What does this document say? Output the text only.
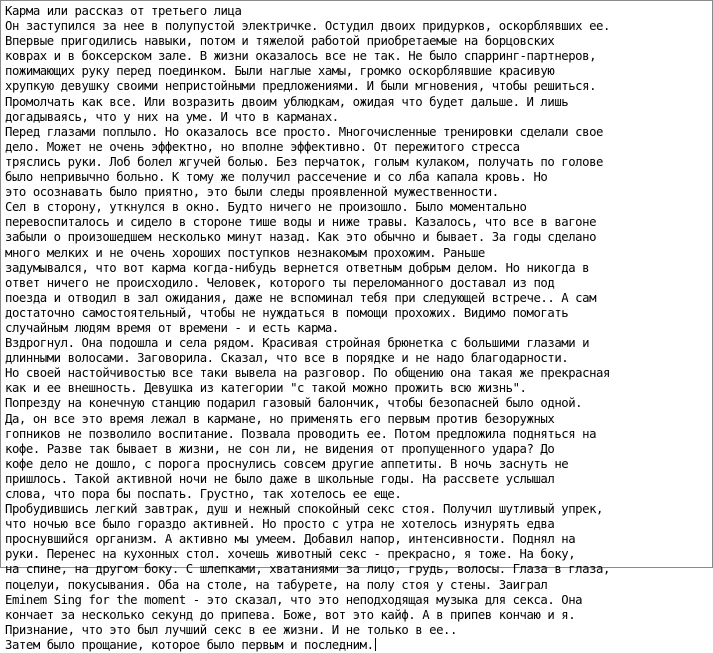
Карма или рассказ от третьего лица
Он заступился за нее в полупустой электричке. Остудил двоих придурков, оскорблявших ее.
Впервые пригодились навыки, потом и тяжелой работой приобретаемые на борцовских
коврах и в боксерском зале. В жизни оказалось все не так. Не было спарринг-партнеров,
пожимающих руку перед поединком. Были наглые хамы, громко оскорблявшие красивую
хрупкую девушку своими непристойными предложениями. И были мгновения, чтобы решиться.
Промолчать как все. Или возразить двоим ублюдкам, ожидая что будет дальше. И лишь
догадываясь, что у них на уме. И что в карманах.
Перед глазами поплыло. Но оказалось все просто. Многочисленные тренировки сделали свое
дело. Может не очень эффектно, но вполне эффективно. От пережитого стресса
тряслись руки. Лоб болел жгучей болью. Без перчаток, голым кулаком, получать по голове
было непривычно больно. К тому же получил рассечение и со лба капала кровь. Но
это осознавать было приятно, это были следы проявленной мужественности.
Сел в сторону, уткнулся в окно. Будто ничего не произошло. Было моментально
перевоспиталось и сидело в стороне тише воды и ниже травы. Казалось, что все в вагоне
забыли о произошедшем несколько минут назад. Как это обычно и бывает. За годы сделано
много мелких и не очень хороших поступков незнакомым прохожим. Раньше
задумывался, что вот карма когда-нибудь вернется ответным добрым делом. Но никогда в
ответ ничего не происходило. Человек, которого ты переломанного доставал из под
поезда и отводил в зал ожидания, даже не вспоминал тебя при следующей встрече.. А сам
достаточно самостоятельный, чтобы не нуждаться в помощи прохожих. Видимо помогать
случайным людям время от времени - и есть карма.
Вздрогнул. Она подошла и села рядом. Красивая стройная брюнетка с большими глазами и
длинными волосами. Заговорила. Сказал, что все в порядке и не надо благодарности.
Но своей настойчивостью все таки вывела на разговор. По общению она такая же прекрасная
как и ее внешность. Девушка из категории "с такой можно прожить всю жизнь".
Попрезду на конечную станцию подарил газовый балончик, чтобы безопасней было одной.
Да, он все это время лежал в кармане, но применять его первым против безоружных
гопников не позволило воспитание. Позвала проводить ее. Потом предложила подняться на
кофе. Разве так бывает в жизни, не сон ли, не видения от пропущенного удара? До
кофе дело не дошло, с порога проснулись совсем другие аппетиты. В ночь заснуть не
пришлось. Такой активной ночи не было даже в школьные годы. На рассвете услышал
слова, что пора бы поспать. Грустно, так хотелось ее еще.
Пробудившись легкий завтрак, душ и нежный спокойный секс стоя. Получил шутливый упрек,
что ночью все было гораздо активней. Но просто с утра не хотелось изнурять едва
проснувшийся организм. А активно мы умеем. Добавил напор, интенсивности. Поднял на
руки. Перенес на кухонных стол. хочешь животный секс - прекрасно, я тоже. На боку,
на спине, на другом боку. С шлепками, хватаниями за лицо, грудь, волосы. Глаза в глаза,
поцелуи, покусывания. Оба на столе, на табурете, на полу стоя у стены. Заиграл
Eminem Sing for the moment - это сказал, что это неподходящая музыка для секса. Она
кончает за несколько секунд до припева. Боже, вот это кайф. А в припев кончаю и я.
Признание, что это был лучший секс в ее жизни. И не только в ее..
Затем было прощание, которое было первым и последним.
